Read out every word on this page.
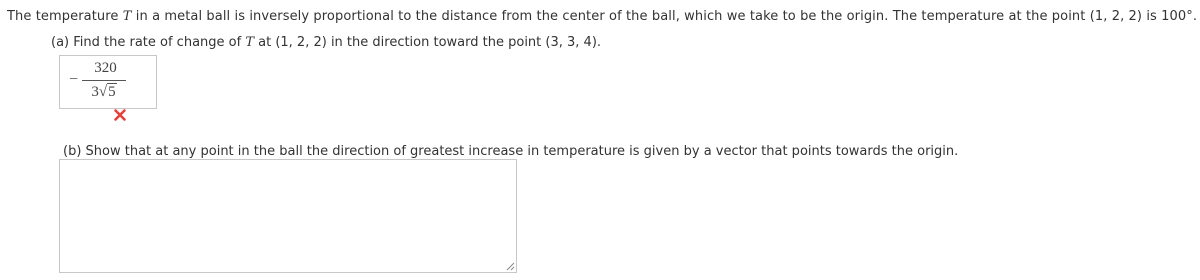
The temperature T in a metal ball is inversely proportional to the distance from the center of the ball, which we take to be the origin. The temperature at the point (1, 2, 2) is 100°.
(a) Find the rate of change of T at (1, 2, 2) in the direction toward the point (3, 3, 4).
−
320
3√5
(b) Show that at any point in the ball the direction of greatest increase in temperature is given by a vector that points towards the origin.
